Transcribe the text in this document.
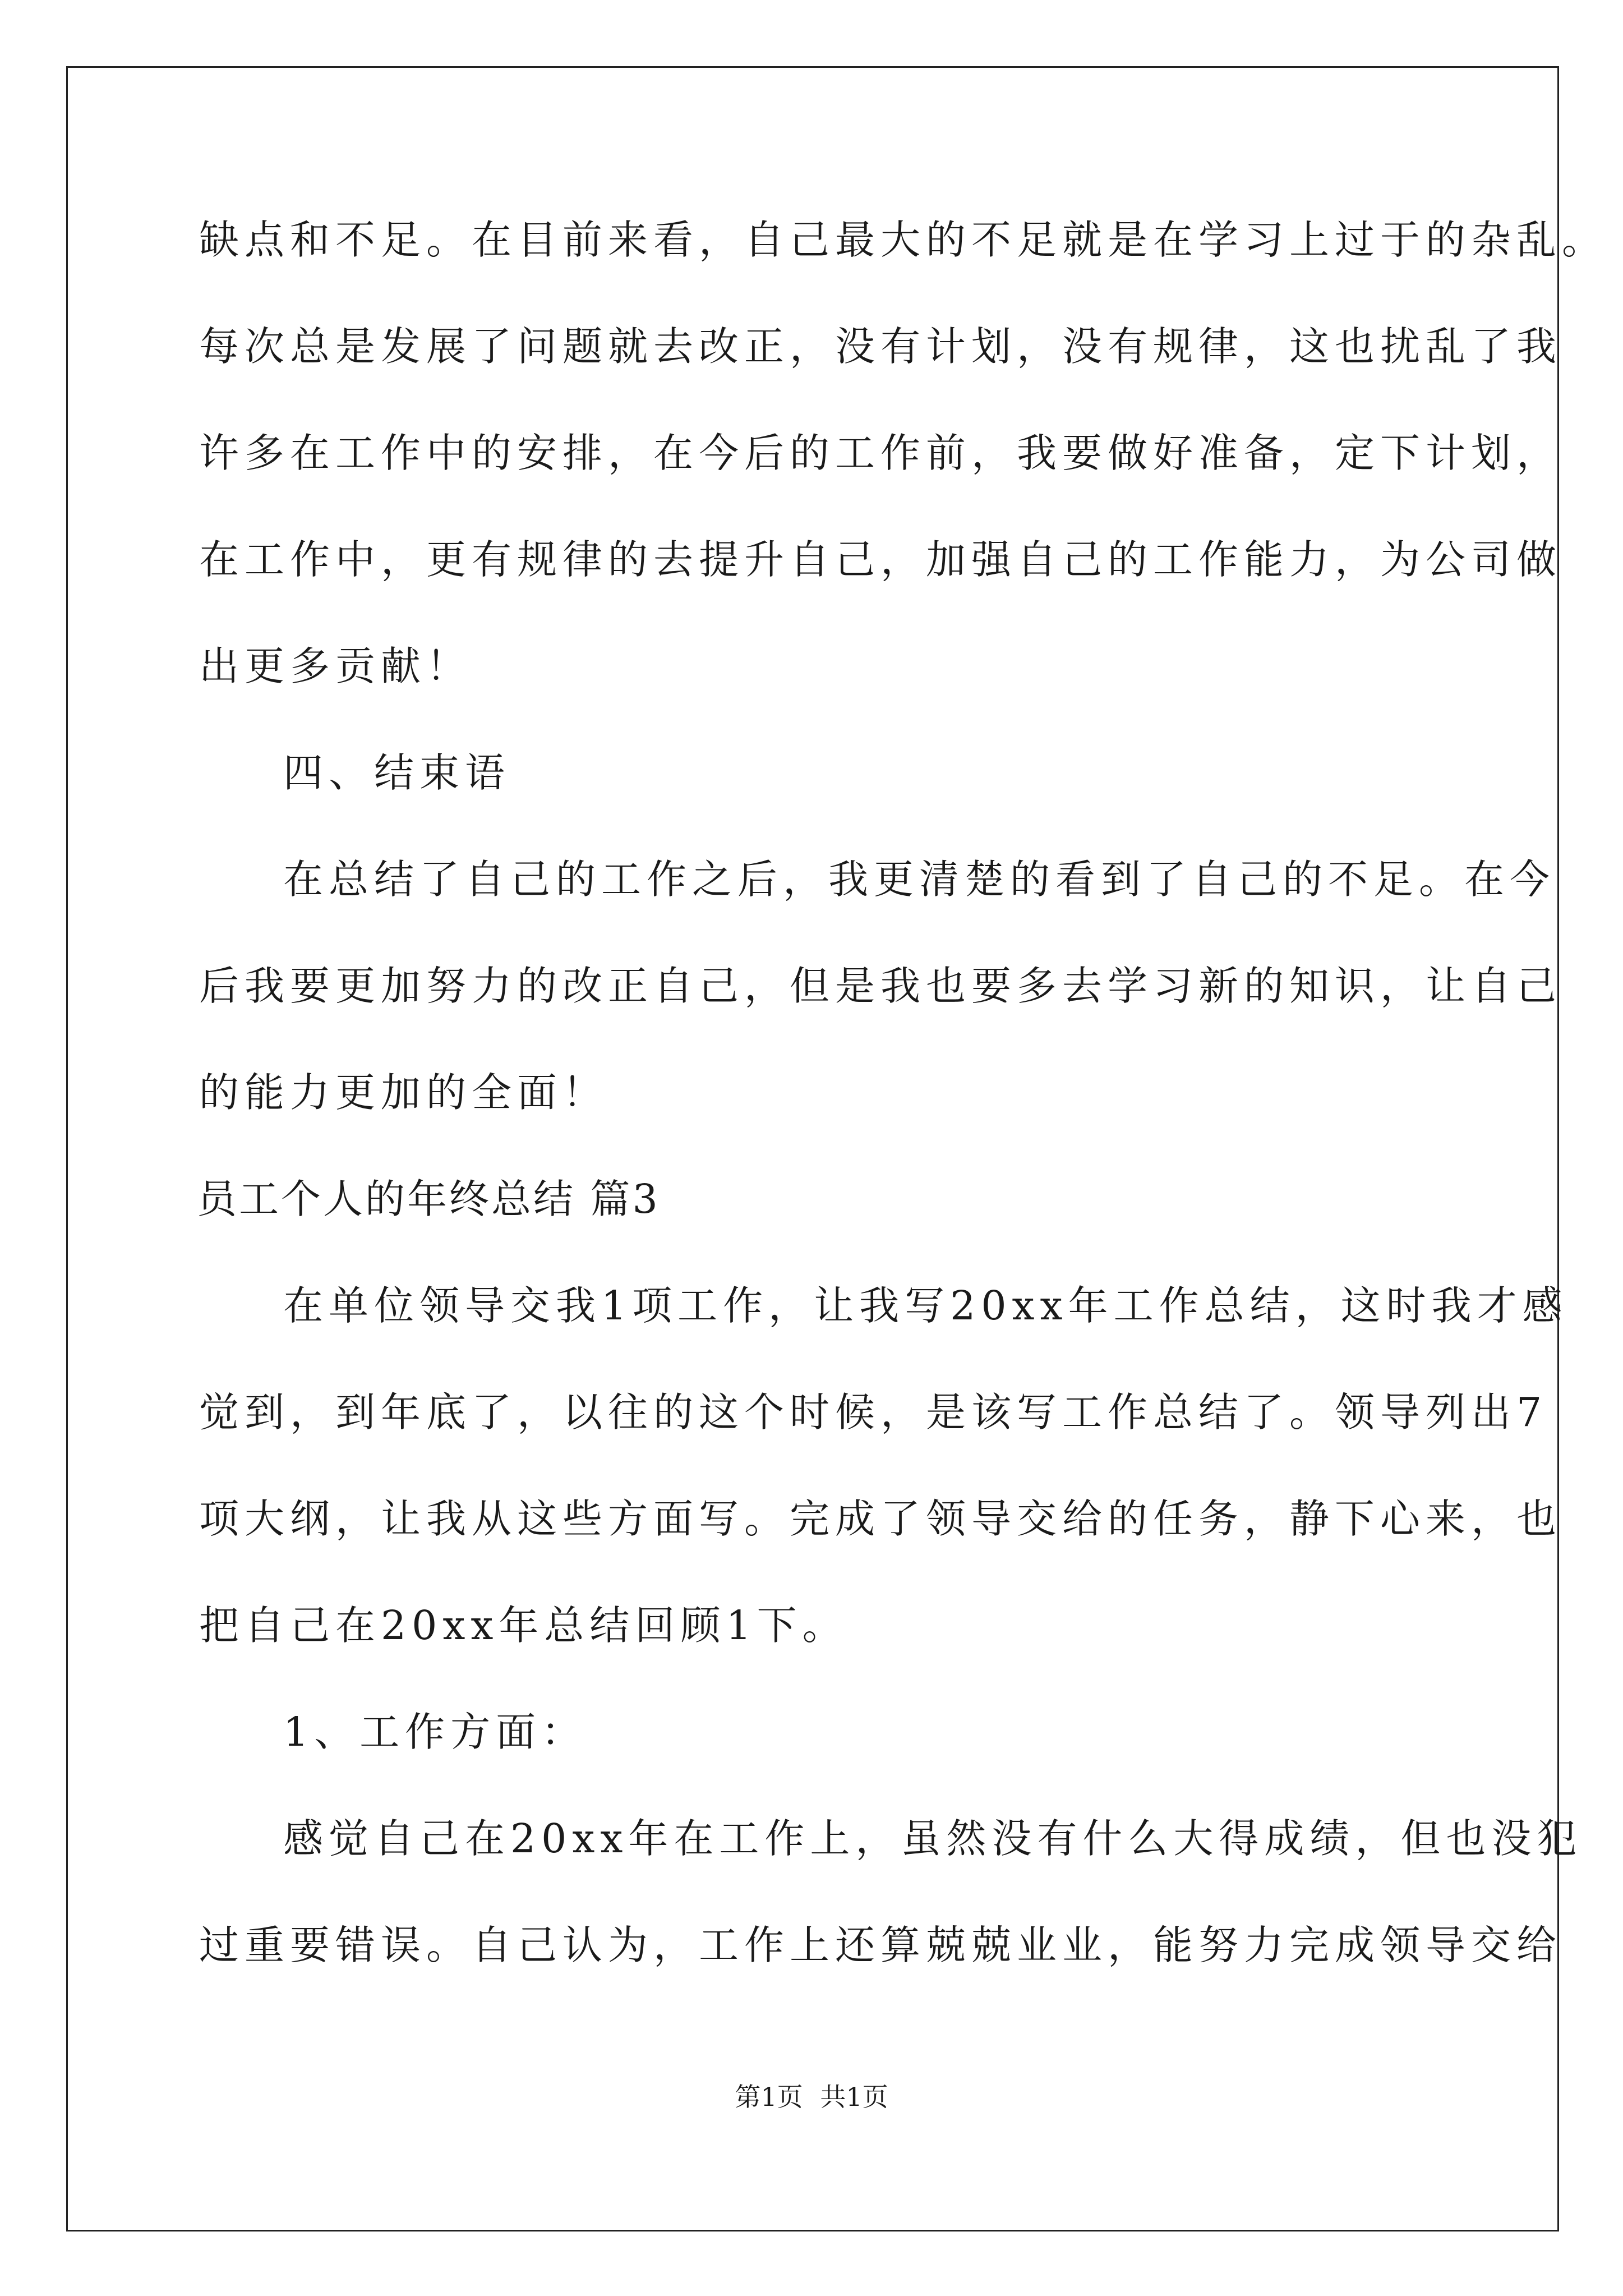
缺点和不足。在目前来看，自己最大的不足就是在学习上过于的杂乱。
每次总是发展了问题就去改正，没有计划，没有规律，这也扰乱了我
许多在工作中的安排，在今后的工作前，我要做好准备，定下计划，
在工作中，更有规律的去提升自己，加强自己的工作能力，为公司做
出更多贡献！
四、结束语
在总结了自己的工作之后，我更清楚的看到了自己的不足。在今
后我要更加努力的改正自己，但是我也要多去学习新的知识，让自己
的能力更加的全面！
员工个人的年终总结 篇3
在单位领导交我1项工作，让我写20xx年工作总结，这时我才感
觉到，到年底了，以往的这个时候，是该写工作总结了。领导列出7
项大纲，让我从这些方面写。完成了领导交给的任务，静下心来，也
把自己在20xx年总结回顾1下。
1、工作方面：
感觉自己在20xx年在工作上，虽然没有什么大得成绩，但也没犯
过重要错误。自己认为，工作上还算兢兢业业，能努力完成领导交给
第1页 共1页
